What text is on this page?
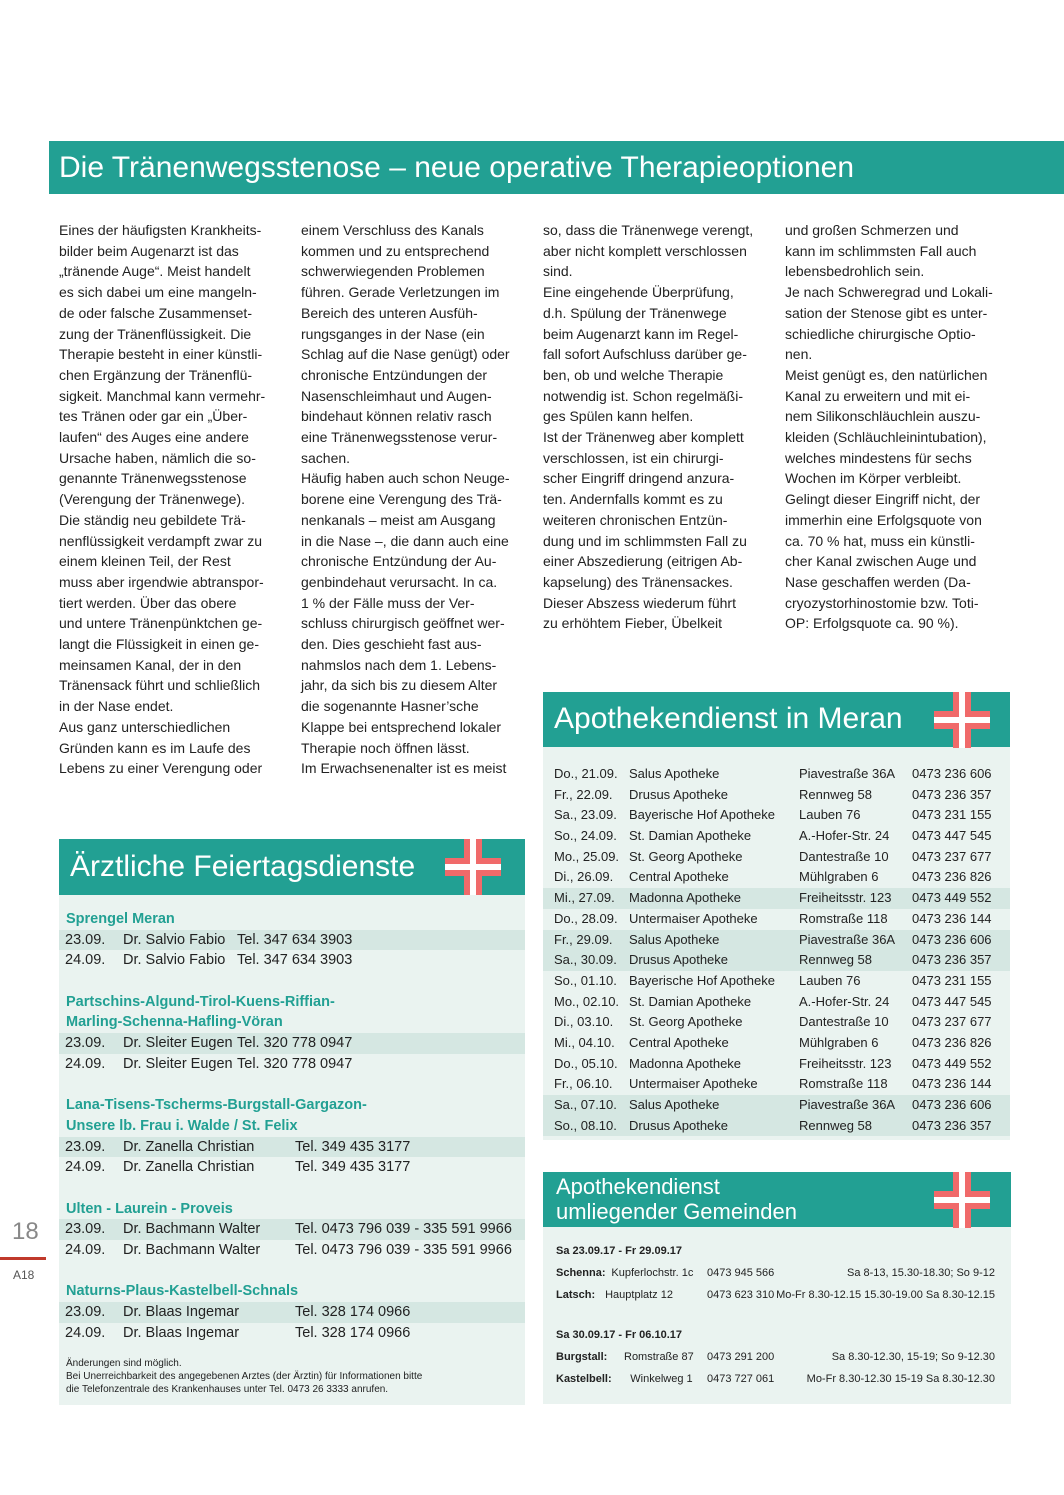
Die Tränenwegsstenose – neue operative Therapieoptionen

Eines der häufigsten Krankheits-

bilder beim Augenarzt ist das

„tränende Auge“. Meist handelt

es sich dabei um eine mangeln-

de oder falsche Zusammenset-

zung der Tränenflüssigkeit. Die

Therapie besteht in einer künstli-

chen Ergänzung der Tränenflü-

sigkeit. Manchmal kann vermehr-

tes Tränen oder gar ein „Über-

laufen“ des Auges eine andere

Ursache haben, nämlich die so-

genannte Tränenwegsstenose

(Verengung der Tränenwege).

Die ständig neu gebildete Trä-

nenflüssigkeit verdampft zwar zu

einem kleinen Teil, der Rest

muss aber irgendwie abtranspor-

tiert werden. Über das obere

und untere Tränenpünktchen ge-

langt die Flüssigkeit in einen ge-

meinsamen Kanal, der in den

Tränensack führt und schließlich

in der Nase endet.

Aus ganz unterschiedlichen

Gründen kann es im Laufe des

Lebens zu einer Verengung oder

einem Verschluss des Kanals

kommen und zu entsprechend

schwerwiegenden Problemen

führen. Gerade Verletzungen im

Bereich des unteren Ausfüh-

rungsganges in der Nase (ein

Schlag auf die Nase genügt) oder

chronische Entzündungen der

Nasenschleimhaut und Augen-

bindehaut können relativ rasch

eine Tränenwegsstenose verur-

sachen.

Häufig haben auch schon Neuge-

borene eine Verengung des Trä-

nenkanals – meist am Ausgang

in die Nase –, die dann auch eine

chronische Entzündung der Au-

genbindehaut verursacht. In ca.

1 % der Fälle muss der Ver-

schluss chirurgisch geöffnet wer-

den. Dies geschieht fast aus-

nahmslos nach dem 1. Lebens-

jahr, da sich bis zu diesem Alter

die sogenannte Hasner’sche

Klappe bei entsprechend lokaler

Therapie noch öffnen lässt.

Im Erwachsenenalter ist es meist

so, dass die Tränenwege verengt,

aber nicht komplett verschlossen

sind.

Eine eingehende Überprüfung,

d.h. Spülung der Tränenwege

beim Augenarzt kann im Regel-

fall sofort Aufschluss darüber ge-

ben, ob und welche Therapie

notwendig ist. Schon regelmäßi-

ges Spülen kann helfen.

Ist der Tränenweg aber komplett

verschlossen, ist ein chirurgi-

scher Eingriff dringend anzura-

ten. Andernfalls kommt es zu

weiteren chronischen Entzün-

dung und im schlimmsten Fall zu

einer Abszedierung (eitrigen Ab-

kapselung) des Tränensackes.

Dieser Abszess wiederum führt

zu erhöhtem Fieber, Übelkeit

und großen Schmerzen und

kann im schlimmsten Fall auch

lebensbedrohlich sein.

Je nach Schweregrad und Lokali-

sation der Stenose gibt es unter-

schiedliche chirurgische Optio-

nen.

Meist genügt es, den natürlichen

Kanal zu erweitern und mit ei-

nem Silikonschläuchlein auszu-

kleiden (Schläuchleinintubation),

welches mindestens für sechs

Wochen im Körper verbleibt.

Gelingt dieser Eingriff nicht, der

immerhin eine Erfolgsquote von

ca. 70 % hat, muss ein künstli-

cher Kanal zwischen Auge und

Nase geschaffen werden (Da-

cryozystorhinostomie bzw. Toti-

OP: Erfolgsquote ca. 90 %).

18
A18
Ärztliche Feiertagsdienste
Sprengel Meran
23.09. Dr. Salvio Fabio Tel. 347 634 3903
24.09. Dr. Salvio Fabio Tel. 347 634 3903
Partschins-Algund-Tirol-Kuens-Riffian-
Marling-Schenna-Hafling-Vöran
23.09. Dr. Sleiter Eugen Tel. 320 778 0947
24.09. Dr. Sleiter Eugen Tel. 320 778 0947
Lana-Tisens-Tscherms-Burgstall-Gargazon-
Unsere lb. Frau i. Walde / St. Felix
23.09. Dr. Zanella Christian	Tel. 349 435 3177
24.09. Dr. Zanella Christian	Tel. 349 435 3177
Ulten - Laurein - Proveis
23.09. Dr. Bachmann Walter Tel. 0473 796 039 - 335 591 9966
24.09. Dr. Bachmann Walter Tel. 0473 796 039 - 335 591 9966
Naturns-Plaus-Kastelbell-Schnals
23.09. Dr. Blaas Ingemar	Tel. 328 174 0966
24.09. Dr. Blaas Ingemar	Tel. 328 174 0966
Änderungen sind möglich.
Bei Unerreichbarkeit des angegebenen Arztes (der Ärztin) für Informationen bitte
die Telefonzentrale des Krankenhauses unter Tel. 0473 26 3333 anrufen.
Apothekendienst in Meran
Do., 21.09. Salus Apotheke	Piavestraße 36A 0473 236 606
Fr., 22.09. Drusus Apotheke	Rennweg 58	0473 236 357
Sa., 23.09. Bayerische Hof Apotheke Lauben 76	0473 231 155
So., 24.09. St. Damian Apotheke	A.-Hofer-Str. 24 0473 447 545
Mo., 25.09. St. Georg Apotheke	Dantestraße 10 0473 237 677
Di., 26.09. Central Apotheke	Mühlgraben 6	0473 236 826
Mi., 27.09. Madonna Apotheke	Freiheitsstr. 123 0473 449 552
Do., 28.09. Untermaiser Apotheke	Romstraße 118 0473 236 144
Fr., 29.09. Salus Apotheke	Piavestraße 36A 0473 236 606
Sa., 30.09. Drusus Apotheke	Rennweg 58	0473 236 357
So., 01.10. Bayerische Hof Apotheke Lauben 76	0473 231 155
Mo., 02.10. St. Damian Apotheke	A.-Hofer-Str. 24 0473 447 545
Di., 03.10. St. Georg Apotheke	Dantestraße 10 0473 237 677
Mi., 04.10. Central Apotheke	Mühlgraben 6	0473 236 826
Do., 05.10. Madonna Apotheke	Freiheitsstr. 123 0473 449 552
Fr., 06.10. Untermaiser Apotheke	Romstraße 118 0473 236 144
Sa., 07.10. Salus Apotheke	Piavestraße 36A 0473 236 606
So., 08.10. Drusus Apotheke	Rennweg 58	0473 236 357
Apothekendienst
umliegender Gemeinden
Sa 23.09.17 - Fr 29.09.17
Schenna: Kupferlochstr. 1c 0473 945 566	Sa 8-13, 15.30-18.30; So 9-12
Latsch: Hauptplatz 12	0473 623 310 Mo-Fr 8.30-12.15 15.30-19.00 Sa 8.30-12.15
Sa 30.09.17 - Fr 06.10.17
Burgstall: Romstraße 87 0473 291 200	Sa 8.30-12.30, 15-19; So 9-12.30
Kastelbell: Winkelweg 1 0473 727 061	Mo-Fr 8.30-12.30 15-19 Sa 8.30-12.30
